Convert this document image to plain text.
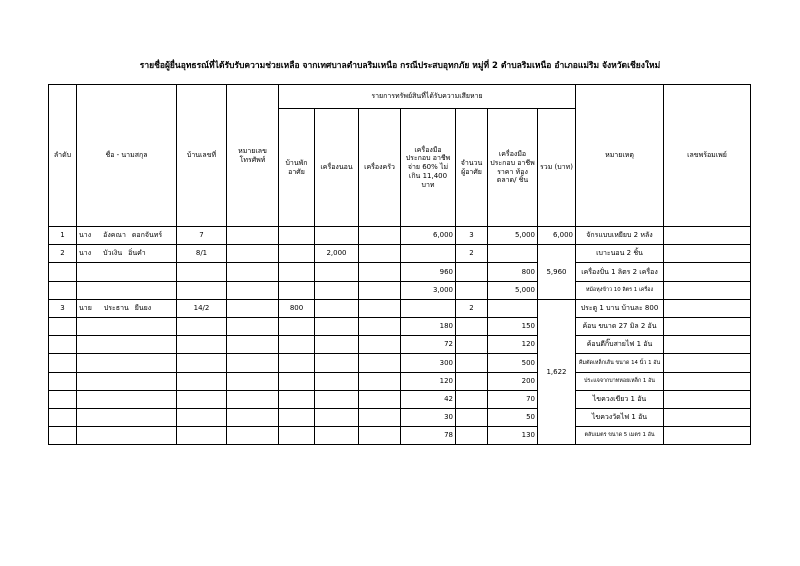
รายชื่อผู้ยื่นอุทธรณ์ที่ได้รับรับความช่วยเหลือ จากเทศบาลตำบลริมเหนือ กรณีประสบอุทกภัย หมู่ที่ 2 ตำบลริมเหนือ อำเภอแม่ริม จังหวัดเชียงใหม่
ลำดับ	ชื่อ - นามสกุล	บ้านเลขที่	หมายเลข โทรศัพท์	รายการทรัพย์สินที่ได้รับความเสียหาย							หมายเหตุ	เลขพร้อมเพย์
				บ้านพัก อาศัย	เครื่องนอน	เครื่องครัว	เครื่องมือ ประกอบ อาชีพ จ่าย 60% ไม่ เกิน 11,400 บาท	จำนวน ผู้อาศัย	เครื่องมือ ประกอบ อาชีพ ราคา ท้องตลาด/ ชิ้น	รวม (บาท)		
1	นาง อังคณา ดอกจันทร์	7					6,000	3	5,000	6,000	จักรแบบเหยียบ 2 หลัง	
2	นาง บัวเงิน อิ่นคำ	8/1			2,000			2		5,960	เบาะนอน 2 ชิ้น	
							960		800		เครื่องปั่น 1 ลิตร 2 เครื่อง	
							3,000		5,000		หม้อหุงข้าว 10 ลิตร 1 เครื่อง	
3	นาย ประธาน ยืนยง	14/2		800				2		1,622	ประตู 1 บาน บ้านละ 800	
							180		150		ค้อน ขนาด 27 มิล 2 อัน	
							72		120		ค้อนตีกิ๊บสายไฟ 1 อัน	
							300		500		คีมตัดเหล็กเส้น ขนาด 14 นิ้ว 1 อัน	
							120		200		ประแจจากบาทหอยเหล็ก 1 อัน	
							42		70		ไขควงเขียว 1 อัน	
							30		50		ไขควงวัดไฟ 1 อัน	
							78		130		ตลับเมตร ขนาด 5 เมตร 1 อัน	
